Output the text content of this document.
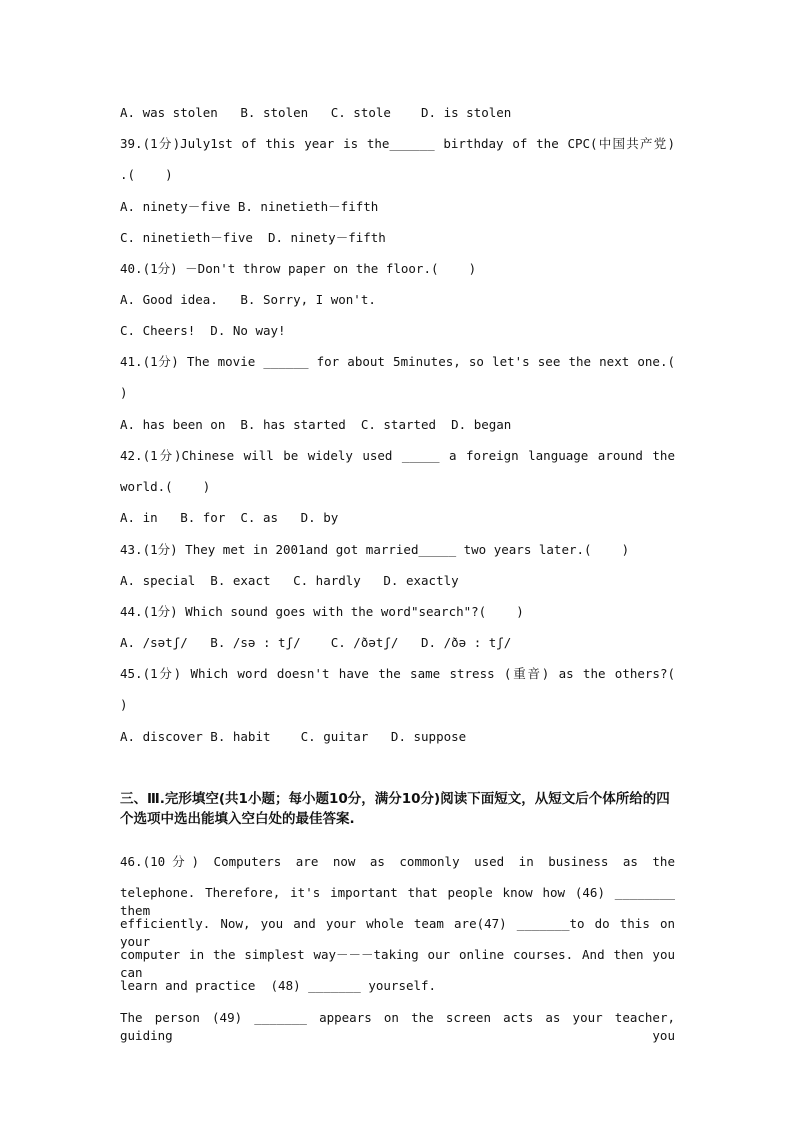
A. was stolen   B. stolen   C. stole    D. is stolen
39.(1分)July1st of this year is the______ birthday of the CPC(中国共产党)
.(    )
A. ninety－five B. ninetieth－fifth
C. ninetieth－five  D. ninety－fifth
40.(1分) －Don't throw paper on the floor.(    )
A. Good idea.   B. Sorry, I won't.
C. Cheers!  D. No way!
41.(1分) The movie ______ for about 5minutes, so let's see the next one.(
)
A. has been on  B. has started  C. started  D. began
42.(1分)Chinese will be widely used _____ a foreign language around the
world.(    )
A. in   B. for  C. as   D. by
43.(1分) They met in 2001and got married_____ two years later.(    )
A. special  B. exact   C. hardly   D. exactly
44.(1分) Which sound goes with the word"search"?(    )
A. /sətʃ/   B. /sə : tʃ/    C. /ðətʃ/   D. /ðə : tʃ/
45.(1分) Which word doesn't have the same stress (重音) as the others?(
)
A. discover B. habit    C. guitar   D. suppose
三、Ⅲ.完形填空(共1小题；每小题10分，满分10分)阅读下面短文，从短文后个体所给的四个选项中选出能填入空白处的最佳答案.
46.(10分) Computers are now as commonly used in business as the
telephone. Therefore, it's important that people know how (46) ________ them
efficiently. Now, you and your whole team are(47) _______to do this on your
computer in the simplest way－－－taking our online courses. And then you can
learn and practice  (48) _______ yourself.
The person (49) _______ appears on the screen acts as your teacher, guiding you
